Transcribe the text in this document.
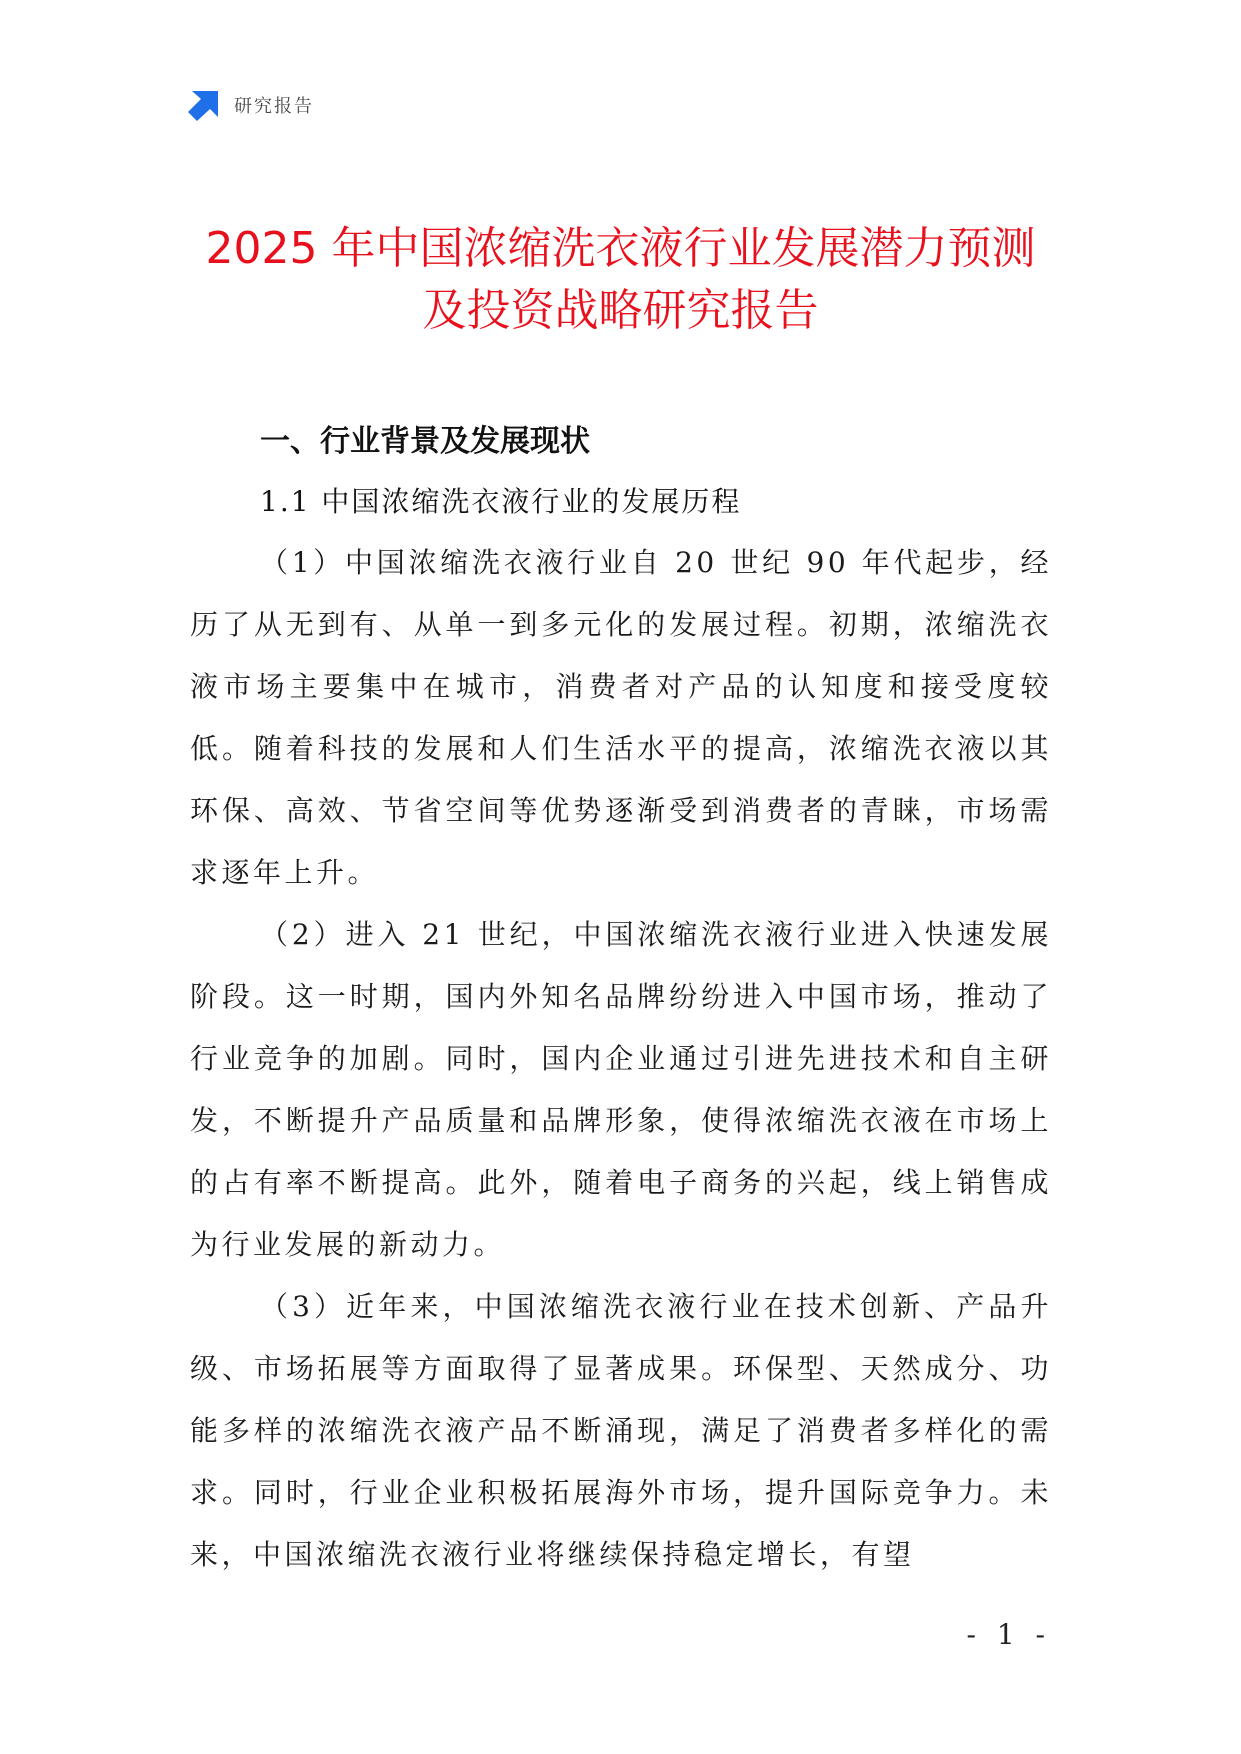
研究报告
2025 年中国浓缩洗衣液行业发展潜力预测
及投资战略研究报告

一、行业背景及发展现状

1.1 中国浓缩洗衣液行业的发展历程

（1）中国浓缩洗衣液行业自 20 世纪 90 年代起步，经历了从无到有、从单一到多元化的发展过程。初期，浓缩洗衣液市场主要集中在城市，消费者对产品的认知度和接受度较低。随着科技的发展和人们生活水平的提高，浓缩洗衣液以其环保、高效、节省空间等优势逐渐受到消费者的青睐，市场需求逐年上升。

（2）进入 21 世纪，中国浓缩洗衣液行业进入快速发展阶段。这一时期，国内外知名品牌纷纷进入中国市场，推动了行业竞争的加剧。同时，国内企业通过引进先进技术和自主研发，不断提升产品质量和品牌形象，使得浓缩洗衣液在市场上的占有率不断提高。此外，随着电子商务的兴起，线上销售成为行业发展的新动力。

（3）近年来，中国浓缩洗衣液行业在技术创新、产品升级、市场拓展等方面取得了显著成果。环保型、天然成分、功能多样的浓缩洗衣液产品不断涌现，满足了消费者多样化的需求。同时，行业企业积极拓展海外市场，提升国际竞争力。未来，中国浓缩洗衣液行业将继续保持稳定增长，有望

- 1 -
